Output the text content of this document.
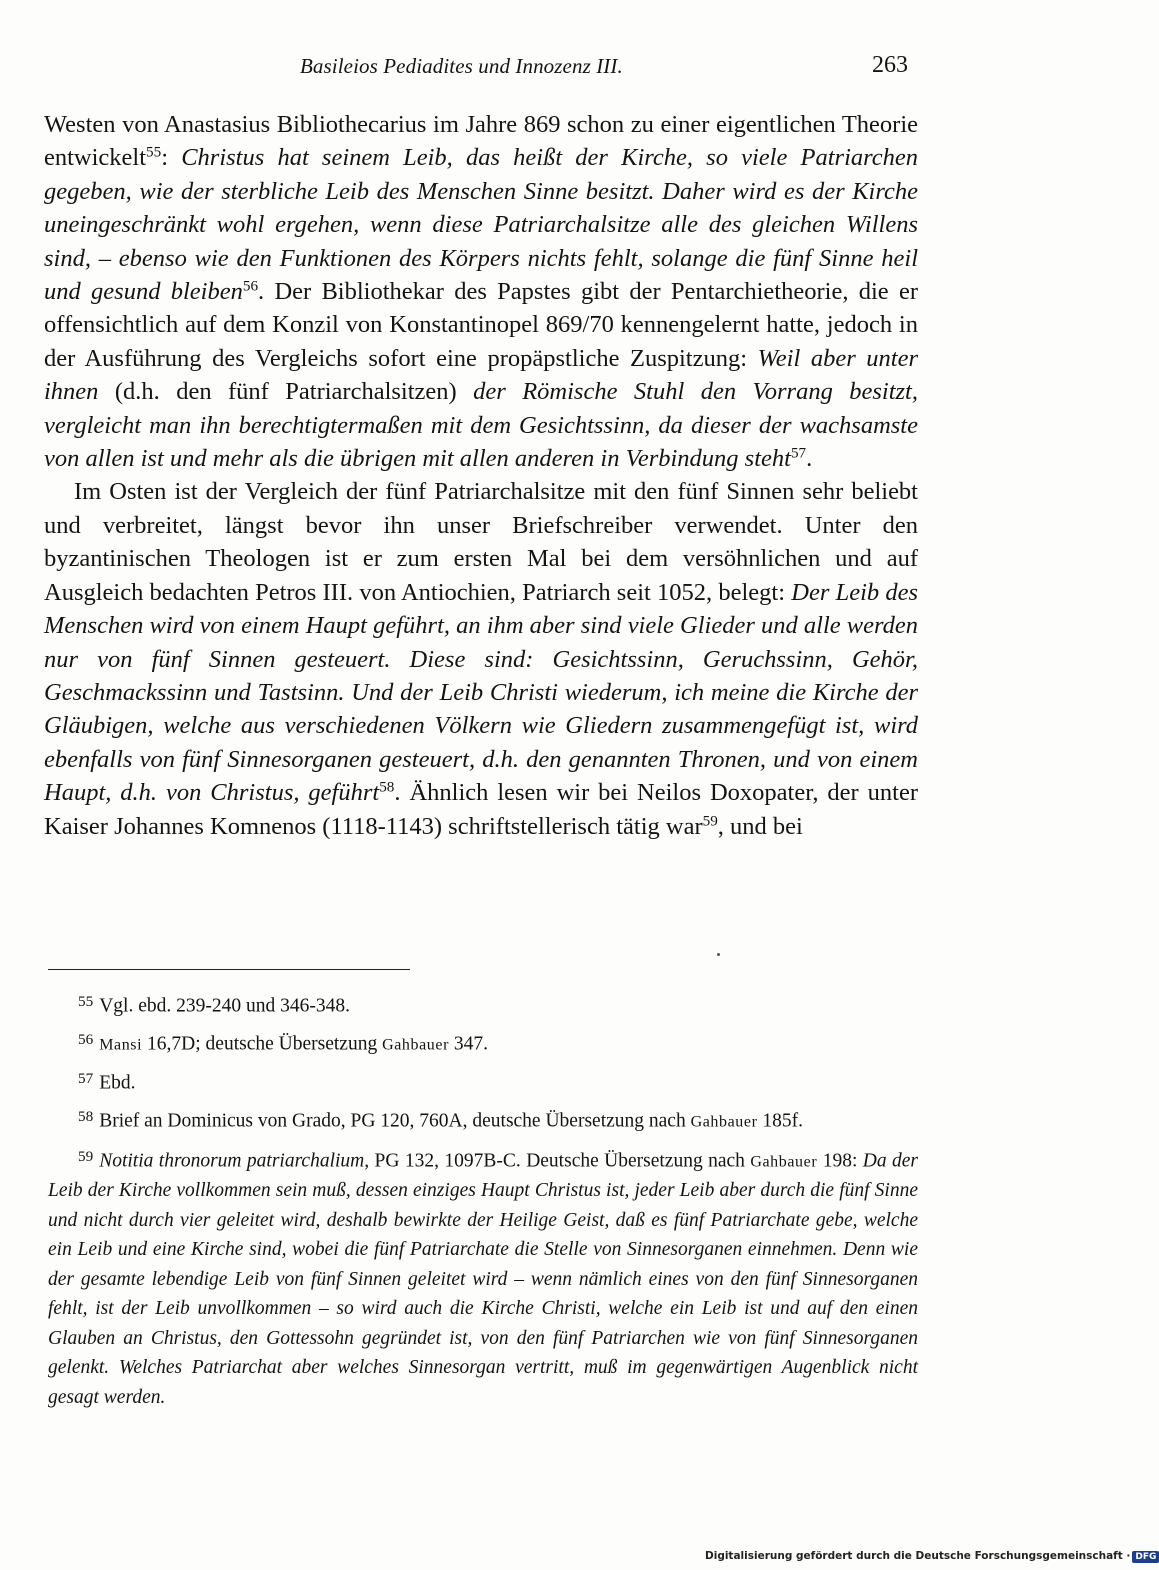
Basileios Pediadites und Innozenz III.	263

Westen von Anastasius Bibliothecarius im Jahre 869 schon zu einer eigentlichen Theorie entwickelt$^{55}$: Christus hat seinem Leib, das heißt der Kirche, so viele Patriarchen gegeben, wie der sterbliche Leib des Menschen Sinne besitzt. Daher wird es der Kirche uneingeschränkt wohl ergehen, wenn diese Patriarchalsitze alle des gleichen Willens sind, – ebenso wie den Funktionen des Körpers nichts fehlt, solange die fünf Sinne heil und gesund bleiben$^{56}$. Der Bibliothekar des Papstes gibt der Pentarchietheorie, die er offensichtlich auf dem Konzil von Konstantinopel 869/70 kennengelernt hatte, jedoch in der Ausführung des Vergleichs sofort eine propäpstliche Zuspitzung: Weil aber unter ihnen (d.h. den fünf Patriarchalsitzen) der Römische Stuhl den Vorrang besitzt, vergleicht man ihn berechtigtermaßen mit dem Gesichtssinn, da dieser der wachsamste von allen ist und mehr als die übrigen mit allen anderen in Verbindung steht$^{57}$.

Im Osten ist der Vergleich der fünf Patriarchalsitze mit den fünf Sinnen sehr beliebt und verbreitet, längst bevor ihn unser Briefschreiber verwendet. Unter den byzantinischen Theologen ist er zum ersten Mal bei dem versöhnlichen und auf Ausgleich bedachten Petros III. von Antiochien, Patriarch seit 1052, belegt: Der Leib des Menschen wird von einem Haupt geführt, an ihm aber sind viele Glieder und alle werden nur von fünf Sinnen gesteuert. Diese sind: Gesichtssinn, Geruchssinn, Gehör, Geschmackssinn und Tastsinn. Und der Leib Christi wiederum, ich meine die Kirche der Gläubigen, welche aus verschiedenen Völkern wie Gliedern zusammengefügt ist, wird ebenfalls von fünf Sinnesorganen gesteuert, d.h. den genannten Thronen, und von einem Haupt, d.h. von Christus, geführt$^{58}$. Ähnlich lesen wir bei Neilos Doxopater, der unter Kaiser Johannes Komnenos (1118-1143) schriftstellerisch tätig war$^{59}$, und bei

$^{55}$ Vgl. ebd. 239-240 und 346-348.

$^{56}$ Mansi 16,7D; deutsche Übersetzung Gahbauer 347.

$^{57}$ Ebd.

$^{58}$ Brief an Dominicus von Grado, PG 120, 760A, deutsche Übersetzung nach Gahbauer 185f.

$^{59}$ Notitia thronorum patriarchalium, PG 132, 1097B-C. Deutsche Übersetzung nach Gahbauer 198: Da der Leib der Kirche vollkommen sein muß, dessen einziges Haupt Christus ist, jeder Leib aber durch die fünf Sinne und nicht durch vier geleitet wird, deshalb bewirkte der Heilige Geist, daß es fünf Patriarchate gebe, welche ein Leib und eine Kirche sind, wobei die fünf Patriarchate die Stelle von Sinnesorganen einnehmen. Denn wie der gesamte lebendige Leib von fünf Sinnen geleitet wird – wenn nämlich eines von den fünf Sinnesorganen fehlt, ist der Leib unvollkommen – so wird auch die Kirche Christi, welche ein Leib ist und auf den einen Glauben an Christus, den Gottessohn gegründet ist, von den fünf Patriarchen wie von fünf Sinnesorganen gelenkt. Welches Patriarchat aber welches Sinnesorgan vertritt, muß im gegenwärtigen Augenblick nicht gesagt werden.

Digitalisierung gefördert durch die Deutsche Forschungsgemeinschaft · DFG
